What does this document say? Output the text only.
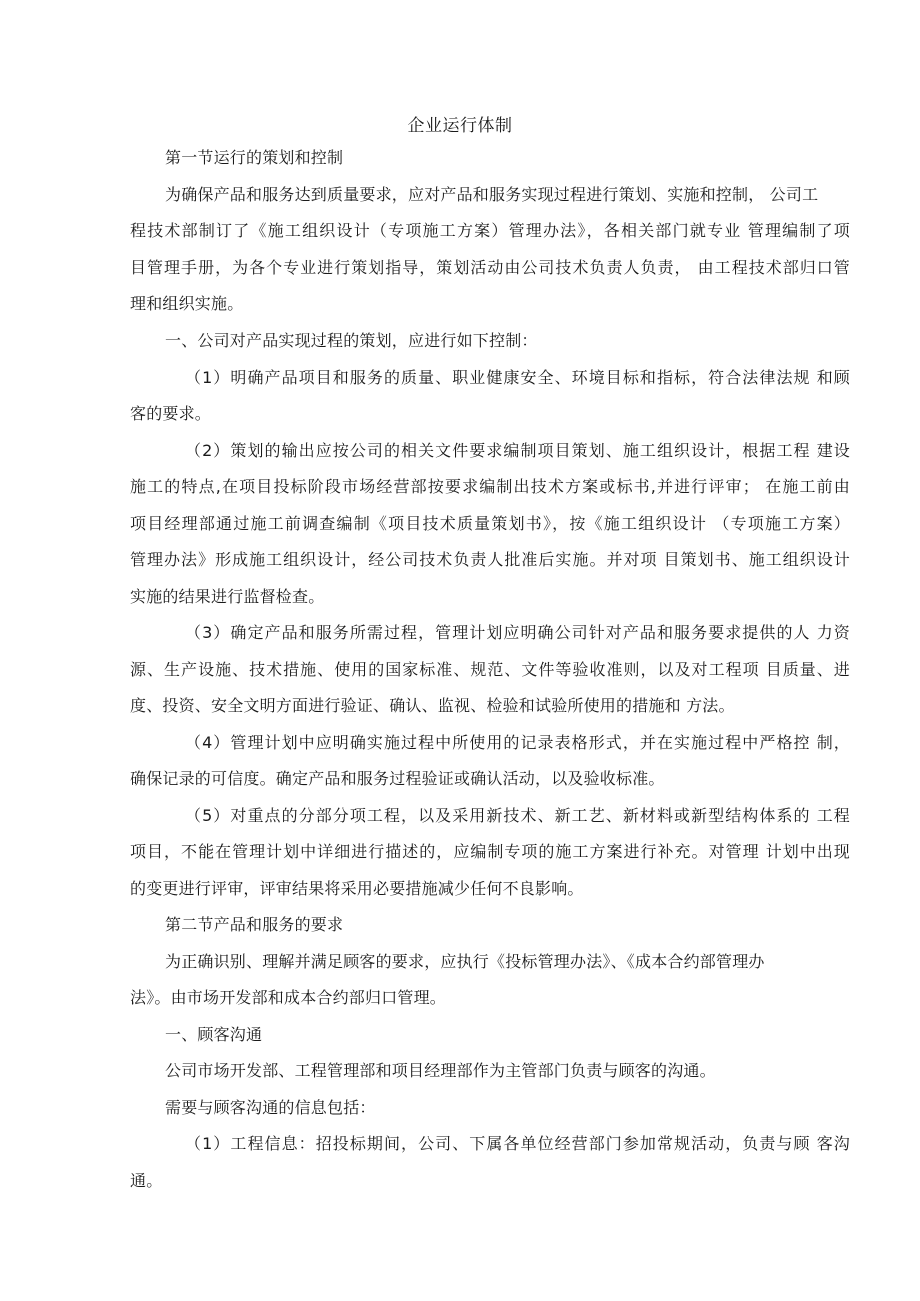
企业运行体制
第一节运行的策划和控制
为确保产品和服务达到质量要求，应对产品和服务实现过程进行策划、实施和控制， 公司工
程技术部制订了《施工组织设计（专项施工方案）管理办法》，各相关部门就专业 管理编制了项
目管理手册，为各个专业进行策划指导，策划活动由公司技术负责人负责， 由工程技术部归口管
理和组织实施。
一、公司对产品实现过程的策划，应进行如下控制：
（1）明确产品项目和服务的质量、职业健康安全、环境目标和指标，符合法律法规 和顾
客的要求。
（2）策划的输出应按公司的相关文件要求编制项目策划、施工组织设计，根据工程 建设
施工的特点,在项目投标阶段市场经营部按要求编制出技术方案或标书,并进行评审； 在施工前由
项目经理部通过施工前调查编制《项目技术质量策划书》，按《施工组织设计 （专项施工方案）
管理办法》形成施工组织设计，经公司技术负责人批准后实施。并对项 目策划书、施工组织设计
实施的结果进行监督检查。
（3）确定产品和服务所需过程，管理计划应明确公司针对产品和服务要求提供的人 力资
源、生产设施、技术措施、使用的国家标准、规范、文件等验收准则，以及对工程项 目质量、进
度、投资、安全文明方面进行验证、确认、监视、检验和试验所使用的措施和 方法。
（4）管理计划中应明确实施过程中所使用的记录表格形式，并在实施过程中严格控 制，
确保记录的可信度。确定产品和服务过程验证或确认活动，以及验收标准。
（5）对重点的分部分项工程，以及采用新技术、新工艺、新材料或新型结构体系的 工程
项目，不能在管理计划中详细进行描述的，应编制专项的施工方案进行补充。对管理 计划中出现
的变更进行评审，评审结果将采用必要措施减少任何不良影响。
第二节产品和服务的要求
为正确识别、理解并满足顾客的要求，应执行《投标管理办法》、《成本合约部管理办
法》。由市场开发部和成本合约部归口管理。
一、顾客沟通
公司市场开发部、工程管理部和项目经理部作为主管部门负责与顾客的沟通。
需要与顾客沟通的信息包括：
（1）工程信息：招投标期间，公司、下属各单位经营部门参加常规活动，负责与顾 客沟
通。
